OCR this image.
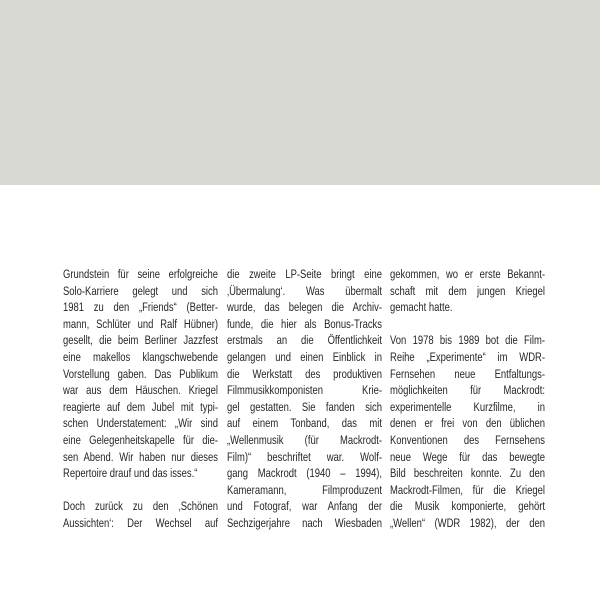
Grundstein für seine erfolgreiche
Solo-Karriere gelegt und sich
1981 zu den „Friends“ (Better-
mann, Schlüter und Ralf Hübner)
gesellt, die beim Berliner Jazzfest
eine makellos klangschwebende
Vorstellung gaben. Das Publikum
war aus dem Häuschen. Kriegel
reagierte auf dem Jubel mit typi-
schen Understatement: „Wir sind
eine Gelegenheitskapelle für die-
sen Abend. Wir haben nur dieses
Repertoire drauf und das isses.“
Doch zurück zu den ‚Schönen
Aussichten‘: Der Wechsel auf
die zweite LP-Seite bringt eine
‚Übermalung‘. Was übermalt
wurde, das belegen die Archiv-
funde, die hier als Bonus-Tracks
erstmals an die Öffentlichkeit
gelangen und einen Einblick in
die Werkstatt des produktiven
Filmmusikkomponisten Krie-
gel gestatten. Sie fanden sich
auf einem Tonband, das mit
„Wellenmusik (für Mackrodt-
Film)“ beschriftet war. Wolf-
gang Mackrodt (1940 – 1994),
Kameramann, Filmproduzent
und Fotograf, war Anfang der
Sechzigerjahre nach Wiesbaden
gekommen, wo er erste Bekannt-
schaft mit dem jungen Kriegel
gemacht hatte.
Von 1978 bis 1989 bot die Film-
Reihe „Experimente“ im WDR-
Fernsehen neue Entfaltungs-
möglichkeiten für Mackrodt:
experimentelle Kurzfilme, in
denen er frei von den üblichen
Konventionen des Fernsehens
neue Wege für das bewegte
Bild beschreiten konnte. Zu den
Mackrodt-Filmen, für die Kriegel
die Musik komponierte, gehört
„Wellen“ (WDR 1982), der den
